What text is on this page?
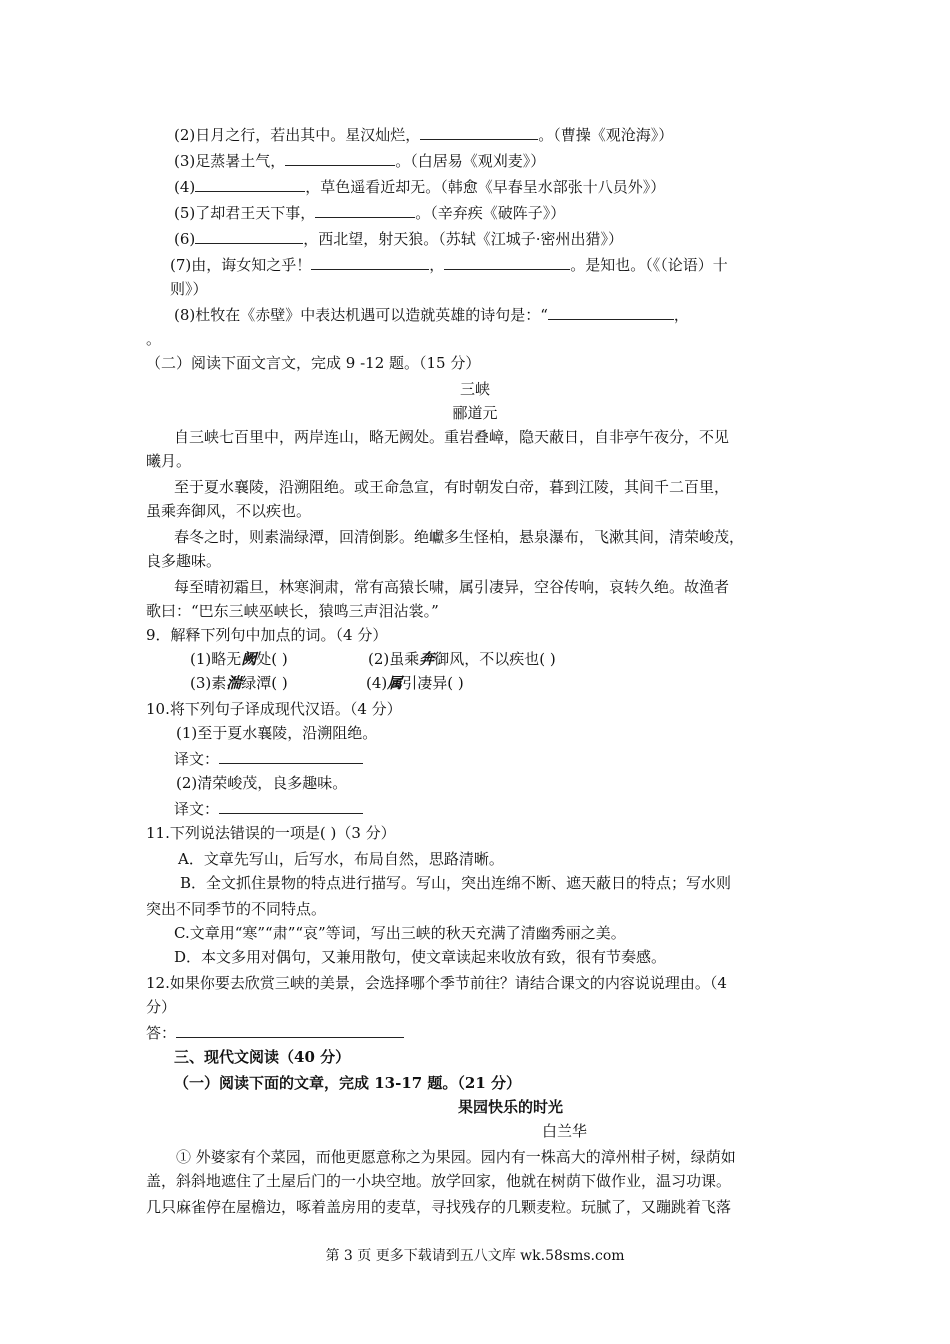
(2)日月之行，若出其中。星汉灿烂，	。（曹操《观沧海》）
(3)足蒸暑土气，	。（白居易《观刈麦》）
(4)	，草色遥看近却无。（韩愈《早春呈水部张十八员外》）
(5)了却君王天下事，	。（辛弃疾《破阵子》）
(6)	，西北望，射天狼。（苏轼《江城子·密州出猎》）
(7)由，诲女知之乎！	，	。是知也。（《（论语）十
则》）
(8)杜牧在《赤壁》中表达机遇可以造就英雄的诗句是：“	，
。
（二）阅读下面文言文，完成 9 -12 题。（15 分）
三峡
郦道元
自三峡七百里中，两岸连山，略无阙处。重岩叠嶂，隐天蔽日，自非亭午夜分，不见
曦月。
至于夏水襄陵，沿溯阻绝。或王命急宣，有时朝发白帝，暮到江陵，其间千二百里，
虽乘奔御风，不以疾也。
春冬之时，则素湍绿潭，回清倒影。绝巘多生怪柏，悬泉瀑布，飞漱其间，清荣峻茂，
良多趣味。
每至晴初霜旦，林寒涧肃，常有高猿长啸，属引凄异，空谷传响，哀转久绝。故渔者
歌曰：“巴东三峡巫峡长，猿鸣三声泪沾裳。”
9．解释下列句中加点的词。（4 分）
(1)略无阙处( )	(2)虽乘奔御风，不以疾也( )
(3)素湍绿潭( )	(4)属引凄异( )
10.将下列句子译成现代汉语。（4 分）
(1)至于夏水襄陵，沿溯阻绝。
译文：
(2)清荣峻茂，良多趣味。
译文：
11.下列说法错误的一项是( )（3 分）
A．文章先写山，后写水，布局自然，思路清晰。
B．全文抓住景物的特点进行描写。写山，突出连绵不断、遮天蔽日的特点；写水则
突出不同季节的不同特点。
C.文章用“寒”“肃”“哀”等词，写出三峡的秋天充满了清幽秀丽之美。
D．本文多用对偶句，又兼用散句，使文章读起来收放有致，很有节奏感。
12.如果你要去欣赏三峡的美景，会选择哪个季节前往？请结合课文的内容说说理由。（4
分）
答：
三、现代文阅读（40 分）
（一）阅读下面的文章，完成 13-17 题。（21 分）
果园快乐的时光
白兰华
① 外婆家有个菜园，而他更愿意称之为果园。园内有一株高大的漳州柑子树，绿荫如
盖，斜斜地遮住了土屋后门的一小块空地。放学回家，他就在树荫下做作业，温习功课。
几只麻雀停在屋檐边，啄着盖房用的麦草，寻找残存的几颗麦粒。玩腻了，又蹦跳着飞落
第 3 页 更多下载请到五八文库 wk.58sms.com
